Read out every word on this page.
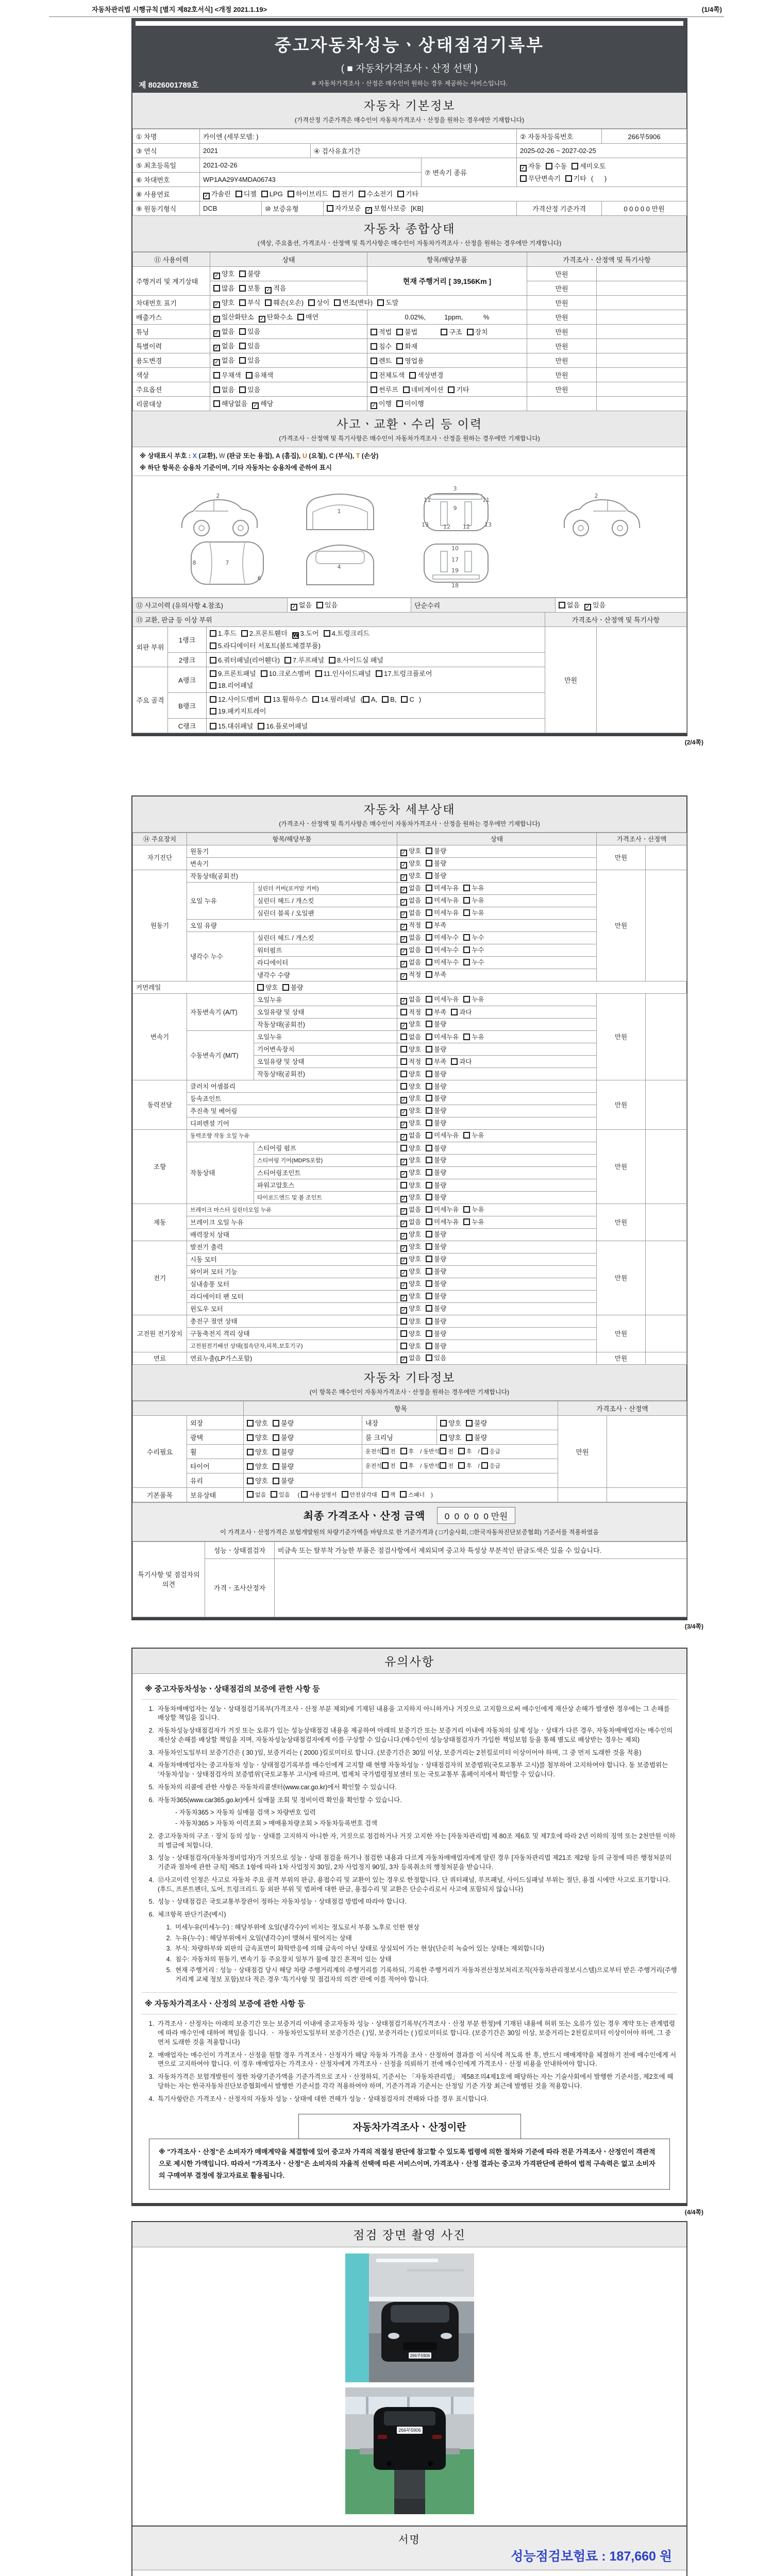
자동차관리법 시행규칙 [별지 제82호서식] <개정 2021.1.19>	(1/4쪽)
중고자동차성능ㆍ상태점검기록부
( ■ 자동차가격조사ㆍ산정 선택 )
※ 자동차가격조사ㆍ산정은 매수인이 원하는 경우 제공하는 서비스입니다.
제 8026001789호
자동차 기본정보
(가격산정 기준가격은 매수인이 자동차가격조사ㆍ산정을 원하는 경우에만 기재합니다)
① 차명	카이엔 (세부모델: )	② 자동차등록번호	266부5906
③ 연식	2021	④ 검사유효기간	2025-02-26 ~ 2027-02-25
⑤ 최초등록일	2021-02-26	⑦ 변속기 종류	✓ 자동 수동 세미오토
무단변속기 기타 (      )

⑥ 차대번호	WP1AA29Y4MDA06743		
⑧ 사용연료	✓ 가솔린 디젤 LPG 하이브리드 전기 수소전기 기타
⑨ 원동기형식	DCB	⑩ 보증유형	자가보증 ✓ 보험사보증 [KB]	가격산정 기준가격	0 0 0 0 0 만원
자동차 종합상태
(색상, 주요옵션, 가격조사ㆍ산정액 및 특기사항은 매수인이 자동차가격조사ㆍ산정을 원하는 경우에만 기재합니다)
⑪ 사용이력	상태	항목/해당부품	가격조사ㆍ산정액 및 특기사항	
주행거리 및 계기상태	✓ 양호 불량	현재 주행거리 [ 39,156Km ]	만원	
	많음 보통 ✓ 적음		만원	
차대번호 표기	✓ 양호 부식 훼손(오손) 상이 변조(변타) 도말		만원	
배출가스	✓ 일산화탄소 ✓ 탄화수소 매연	0.02%,          1ppm,           %	만원	
튜닝	✓ 없음 있음	적법 불법 구조 장치	만원	
특별이력	✓ 없음 있음	침수 화재	만원	
용도변경	✓ 없음 있음	렌트 영업용	만원	
색상	무채색 유채색	전체도색 색상변경	만원	
주요옵션	없음 있음	썬루프 네비게이션 기타	만원	
리콜대상	해당없음 ✓ 해당	✓ 이행 미이행		
사고ㆍ교환ㆍ수리 등 이력
(가격조사ㆍ산정액 및 특기사항은 매수인이 자동차가격조사ㆍ산정을 원하는 경우에만 기재합니다)
※ 상태표시 부호 : X (교환), W (판금 또는 용접), A (흠집), U (요철), C (부식), T (손상)
※ 하단 항목은 승용차 기준이며, 기타 자동차는 승용차에 준하여 표시
2
1
3
9
11	11
12 12
13	13
2
8	7
6
4
10
17
19
18
⑫ 사고이력 (유의사항 4.참조)	✓ 없음 있음	단순수리	없음 ✓ 있음
⑬ 교환, 판금 등 이상 부위	가격조사ㆍ산정액 및 특기사항
외판 부위	1랭크	1.후드 2.프론트휀더 W 3.도어 4.트렁크리드
5.라디에이터 서포트(볼트체결부품)	만원	
	2랭크	6.쿼터패널(리어휀다) 7.루프패널 8.사이드실 패널		
주요 골격	A랭크	9.프론트패널 10.크로스멤버 11.인사이드패널 17.트렁크플로어
18.리어패널		

	B랭크	12.사이드멤버 13.휠하우스 14.필러패널 ( A, B, C )
19.패키지트레이		

	C랭크	15.대쉬패널 16.플로어패널		
(2/4쪽)
자동차 세부상태
(가격조사ㆍ산정액 및 특기사항은 매수인이 자동차가격조사ㆍ산정을 원하는 경우에만 기재합니다)
⑭ 주요장치	항목/해당부품		상태	가격조사ㆍ산정액	
자기진단	원동기		✓ 양호 불량	만원	
	변속기		✓ 양호 불량		
원동기	작동상태(공회전)		✓ 양호 불량	만원	
	오일 누유	실린더 커버(로커암 커버)	✓ 없음 미세누유 누유		
		실린더 헤드 / 개스킷	✓ 없음 미세누유 누유		
		실린더 블록 / 오일팬	✓ 없음 미세누유 누유		
	오일 유량		✓ 적정 부족		
	냉각수 누수	실린더 헤드 / 개스킷	✓ 없음 미세누수 누수		
		워터펌프	✓ 없음 미세누수 누수		
		라디에이터	✓ 없음 미세누수 누수		
		냉각수 수량	✓ 적정 부족		
커먼레일		양호 불량			
변속기	자동변속기 (A/T)	오일누유	✓ 없음 미세누유 누유	만원	
		오일유량 및 상태	적정 부족 과다		
		작동상태(공회전)	✓ 양호 불량		
	수동변속기 (M/T)	오일누유	없음 미세누유 누유		
		기어변속장치	양호 불량		
		오일유량 및 상태	적정 부족 과다		
		작동상태(공회전)	양호 불량		
동력전달	클러치 어셈블리		양호 불량	만원	
	등속죠인트		✓ 양호 불량		
	추진축 및 베어링		✓ 양호 불량		
	디퍼렌셜 기어		✓ 양호 불량		
조향	동력조향 작동 오일 누유		✓ 없음 미세누유 누유	만원	
	작동상태	스티어링 펌프	양호 불량		
		스티어링 기어(MDPS포함)	✓ 양호 불량		
		스티어링조인트	✓ 양호 불량		
		파워고압호스	양호 불량		
		타이로드엔드 및 볼 조인트	✓ 양호 불량		
제동	브레이크 마스터 실린더오일 누유		✓ 없음 미세누유 누유	만원	
	브레이크 오일 누유		✓ 없음 미세누유 누유		
	배력장치 상태		✓ 양호 불량		
전기	발전기 출력		✓ 양호 불량	만원	
	시동 모터		✓ 양호 불량		
	와이퍼 모터 기능		✓ 양호 불량		
	실내송풍 모터		✓ 양호 불량		
	라디에이터 팬 모터		✓ 양호 불량		
	윈도우 모터		✓ 양호 불량		
고전원 전기장치	충전구 절연 상태		양호 불량	만원	
	구동축전지 격리 상태		양호 불량		
	고전원전기배선 상태(접속단자,피복,보호기구)		양호 불량		
연료	연료누출(LP가스포함)		✓ 없음 있음	만원	
자동차 기타정보
(이 항목은 매수인이 자동차가격조사ㆍ산정을 원하는 경우에만 기재합니다)
		항목			가격조사ㆍ산정액	
수리필요	외장	양호 불량	내장	양호 불량	만원	
	광택	양호 불량	룸 크리닝	양호 불량		
	휠	양호 불량	운전석 전 후 / 동반석 전 후 / 응급			
	타이어	양호 불량	운전석 전 후 / 동반석 전 후 / 응급			
	유리	양호 불량				
기본품목	보유상태	없음 있음  ( 사용설명서 안전삼각대 잭 스패너 )				
최종 가격조사ㆍ산정 금액 0  0  0  0  0 만원
이 가격조사ㆍ산정가격은 보험개발원의 차량기준가액을 바탕으로 한 기준가격과 ( □기술사회, □한국자동차진단보증협회) 기준서를 적용하였음
특기사항 및 점검자의 의견	성능ㆍ상태점검자	비금속 또는 탈부착 가능한 부품은 점검사항에서 제외되며 중고차 특성상 부분적인 판금도색은 있을 수 있습니다.
	가격ㆍ조사산정자	
(3/4쪽)
유의사항
※ 중고자동차성능ㆍ상태점검의 보증에 관한 사항 등
1. 자동차매매업자는 성능ㆍ상태점검기록부(가격조사ㆍ산정 부분 제외)에 기재된 내용을 고지하지 아니하거나 거짓으로 고지함으로써 매수인에게 재산상 손해가 발생한 경우에는 그 손해를 배상할 책임을 집니다.
2. 자동차성능상태점검자가 거짓 또는 오류가 있는 성능상태점검 내용을 제공하여 아래의 보증기간 또는 보증거리 이내에 자동차의 실제 성능ㆍ상태가 다른 경우, 자동차매매업자는 매수인의 재산상 손해를 배상할 책임을 지며, 자동차성능상태점검자에게 이를 구상할 수 있습니다.(매수인이 성능상태점검자가 가입한 책임보험 등을 통해 별도로 배상받는 경우는 제외)
3. 자동차인도일부터 보증기간은 ( 30 )일, 보증거리는 ( 2000 )킬로미터로 합니다. (보증기간은 30일 이상, 보증거리는 2천킬로미터 이상이어야 하며, 그 중 먼저 도래한 것을 적용)
4. 자동차매매업자는 중고자동차 성능ㆍ상태점검기록부를 매수인에게 고지할 때 현행 자동차성능ㆍ상태점검자의 보증범위(국토교통부 고시)를 첨부하여 고지하여야 합니다. 동 보증범위는 '자동차성능ㆍ상태점검자의 보증범위'(국토교통부 고시)에 따르며, 법제처 국가법령정보센터 또는 국토교통부 홈페이지에서 확인할 수 있습니다.
5. 자동차의 리콜에 관한 사항은 자동차리콜센터(www.car.go.kr)에서 확인할 수 있습니다.
6. 자동차365(www.car365.go.kr)에서 실매물 조회 및 정비이력 확인을 확인할 수 있습니다.
- 자동차365 > 자동차 실매물 검색 > 차량번호 입력
- 자동차365 > 자동차 이력조회 > 매매용차량조회 > 자동차등록번호 검색
2. 중고자동차의 구조ㆍ장치 등의 성능ㆍ상태를 고지하지 아니한 자, 거짓으로 점검하거나 거짓 고지한 자는 [자동차관리법] 제 80조 제6호 및 제7호에 따라 2년 이하의 징역 또는 2천만원 이하의 벌금에 처합니다.
3. 성능ㆍ상태점검자(자동차정비업자)가 거짓으로 성능ㆍ상태 점검을 하거나 점검한 내용과 다르게 자동차매매업자에게 알린 경우 [자동차관리법 제21조 제2항 등의 규정에 따른 행정처분의 기준과 절차에 관한 규칙] 제5조 1항에 따라 1차 사업정지 30일, 2차 사업정지 90일, 3차 등록취소의 행정처분을 받습니다.
4. ⑫사고이력 인정은 사고로 자동차 주요 골격 부위의 판금, 용접수리 및 교환이 있는 경우로 한정합니다. 단 쿼터패널, 루프패널, 사이드실패널 부위는 절단, 용접 시에만 사고로 표기합니다. (후드, 프론트펜더, 도어, 트렁크리드 등 외판 부위 및 범퍼에 대한 판금, 용접수리 및 교환은 단순수리로서 사고에 포함되지 않습니다)
5. 성능ㆍ상태점검은 국토교통부장관이 정하는 자동차성능ㆍ상태점검 방법에 따라야 합니다.
6. 체크항목 판단기준(예시)
1. 미세누유(미세누수) : 해당부위에 오일(냉각수)이 비치는 정도로서 부품 노후로 인한 현상
2. 누유(누수) : 해당부위에서 오일(냉각수)이 맺혀서 떨어지는 상태
3. 부식: 차량하부와 외판의 금속표면이 화학반응에 의해 금속이 아닌 상태로 상실되어 가는 현상(단순히 녹슬어 있는 상태는 제외합니다)
4. 침수: 자동차의 원동기, 변속기 등 주요장치 일부가 물에 잠긴 흔적이 있는 상태
5. 현재 주행거리 : 성능ㆍ상태점검 당시 해당 차량 주행거리계의 주행거리를 기록하되, 기록한 주행거리가 자동차전산정보처리조직(자동차관리정보시스템)으로부터 받은 주행거리(주행거리계 교체 정보 포함)보다 적은 경우 '특기사항 및 점검자의 의견' 란에 이를 적어야 합니다.
※ 자동차가격조사ㆍ산정의 보증에 관한 사항 등
1. 가격조사ㆍ산정자는 아래의 보증기간 또는 보증거리 이내에 중고자동차 성능ㆍ상태점검기록부(가격조사ㆍ산정 부분 한정)에 기재된 내용에 허위 또는 오류가 있는 경우 계약 또는 관계법령에 따라 매수인에 대하여 책임을 집니다. ㆍ 자동차인도일부터 보증기간은 ( )일, 보증거리는 ( )킬로미터로 합니다. (보증기간은 30일 이상, 보증거리는 2천킬로미터 이상이어야 하며, 그 중 먼저 도래한 것을 적용합니다)
2. 매매업자는 매수인이 가격조사ㆍ산정을 원할 경우 가격조사ㆍ산정자가 해당 자동차 가격을 조사ㆍ산정하여 결과를 이 서식에 적도록 한 후, 반드시 매매계약을 체결하기 전에 매수인에게 서면으로 고지하여야 합니다. 이 경우 매매업자는 가격조사ㆍ산정자에게 가격조사ㆍ산정을 의뢰하기 전에 매수인에게 가격조사ㆍ산정 비용을 안내하여야 합니다.
3. 자동차가격은 보험개발원이 정한 차량기준가액을 기준가격으로 조사ㆍ산정하되, 기준서는 「자동차관리법」 제58조의4제1호에 해당하는 자는 기술사회에서 발행한 기준서를, 제2호에 해당하는 자는 한국자동차진단보증협회에서 발행한 기준서를 각각 적용하여야 하며, 기준가격과 기준서는 산정일 기준 가장 최근에 발행된 것을 적용합니다.
4. 특기사항란은 가격조사ㆍ산정자의 자동차 성능ㆍ상태에 대한 견해가 성능ㆍ상태점검자의 견해와 다를 경우 표시합니다.
자동차가격조사ㆍ산정이란
※ "가격조사ㆍ산정"은 소비자가 매매계약을 체결함에 있어 중고차 가격의 적절성 판단에 참고할 수 있도록 법령에 의한 절차와 기준에 따라 전문 가격조사ㆍ산정인이 객관적으로 제시한 가액입니다. 따라서 "가격조사ㆍ산정"은 소비자의 자율적 선택에 따른 서비스이며, 가격조사ㆍ산정 결과는 중고차 가격판단에 관하여 법적 구속력은 없고 소비자의 구매여부 결정에 참고자료로 활용됩니다.
(4/4쪽)
점검 장면 촬영 사진
266부5906
266부5906
서명
성능점검보험료 : 187,660 원
